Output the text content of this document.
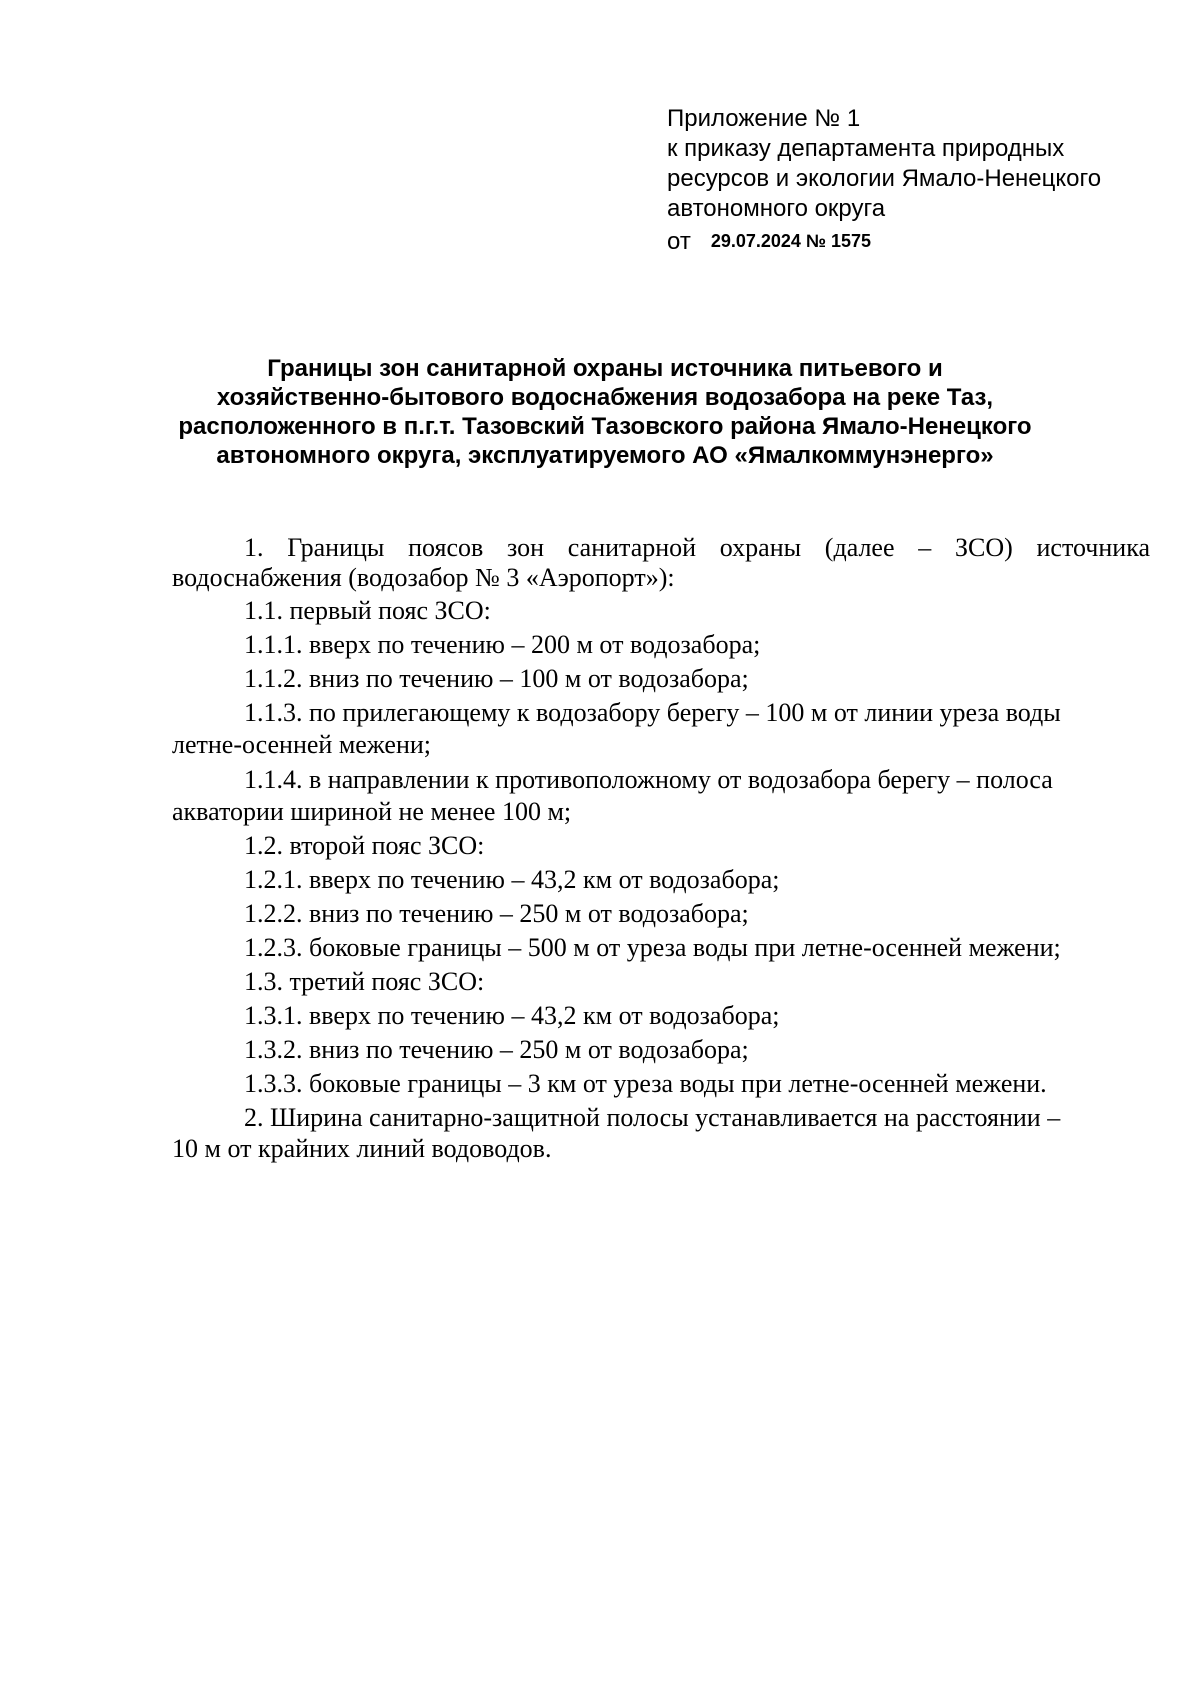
Приложение № 1
к приказу департамента природных
ресурсов и экологии Ямало-Ненецкого
автономного округа
от 29.07.2024 № 1575
Границы зон санитарной охраны источника питьевого и
хозяйственно-бытового водоснабжения водозабора на реке Таз,
расположенного в п.г.т. Тазовский Тазовского района Ямало-Ненецкого
автономного округа, эксплуатируемого АО «Ямалкоммунэнерго»
1. Границы поясов зон санитарной охраны (далее – ЗСО) источника
водоснабжения (водозабор № 3 «Аэропорт»):
1.1. первый пояс ЗСО:
1.1.1. вверх по течению – 200 м от водозабора;
1.1.2. вниз по течению – 100 м от водозабора;
1.1.3. по прилегающему к водозабору берегу – 100 м от линии уреза воды
летне-осенней межени;
1.1.4. в направлении к противоположному от водозабора берегу – полоса
акватории шириной не менее 100 м;
1.2. второй пояс ЗСО:
1.2.1. вверх по течению – 43,2 км от водозабора;
1.2.2. вниз по течению – 250 м от водозабора;
1.2.3. боковые границы – 500 м от уреза воды при летне-осенней межени;
1.3. третий пояс ЗСО:
1.3.1. вверх по течению – 43,2 км от водозабора;
1.3.2. вниз по течению – 250 м от водозабора;
1.3.3. боковые границы – 3 км от уреза воды при летне-осенней межени.
2. Ширина санитарно-защитной полосы устанавливается на расстоянии –
10 м от крайних линий водоводов.
